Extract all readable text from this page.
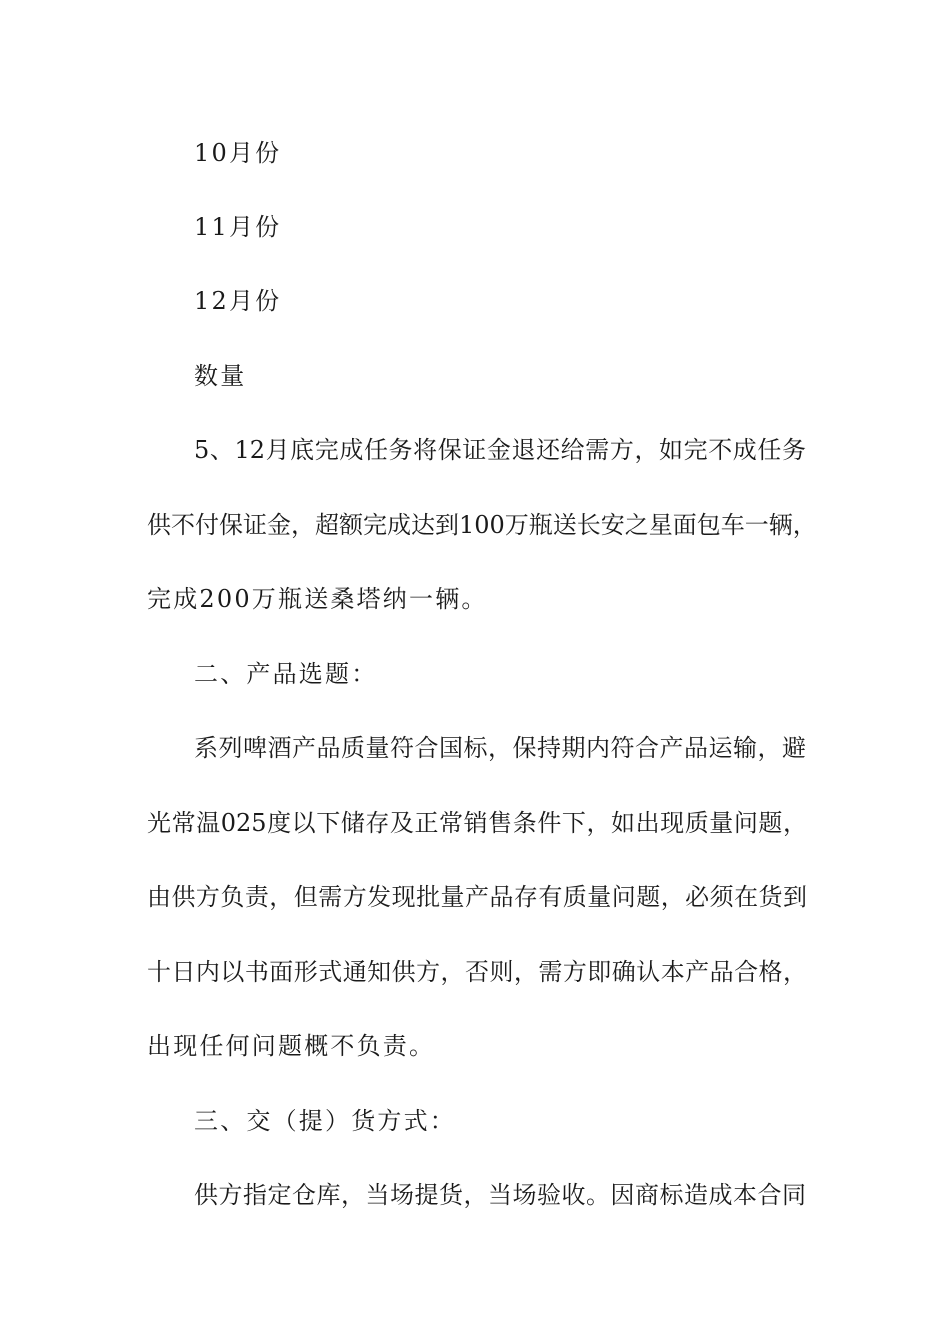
10月份
11月份
12月份
数量
5、12月底完成任务将保证金退还给需方，如完不成任务
供不付保证金，超额完成达到100万瓶送长安之星面包车一辆，
完成200万瓶送桑塔纳一辆。
二、产品选题：
系列啤酒产品质量符合国标，保持期内符合产品运输，避
光常温025度以下储存及正常销售条件下，如出现质量问题，
由供方负责，但需方发现批量产品存有质量问题，必须在货到
十日内以书面形式通知供方，否则，需方即确认本产品合格，
出现任何问题概不负责。
三、交（提）货方式：
供方指定仓库，当场提货，当场验收。因商标造成本合同
